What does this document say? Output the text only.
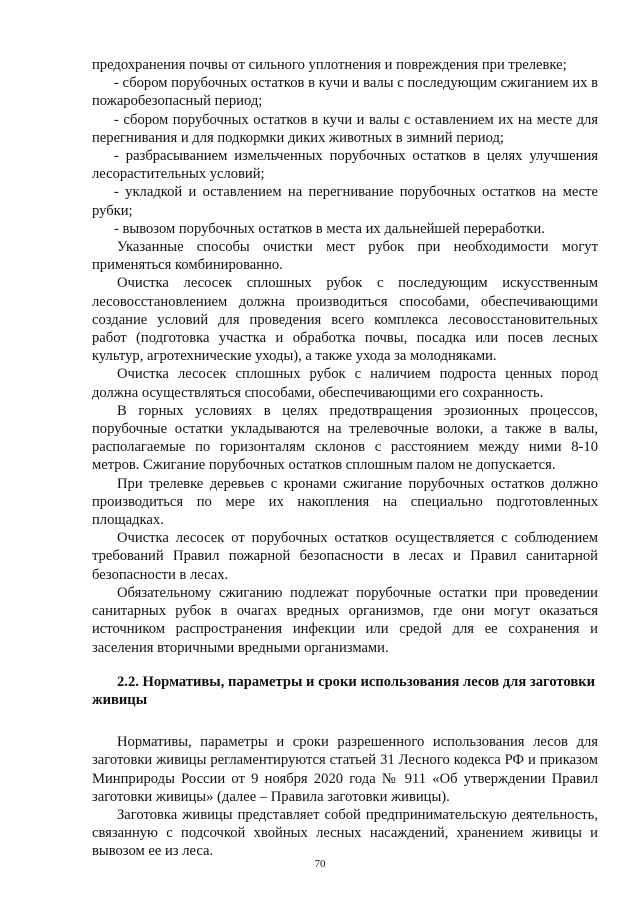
предохранения почвы от сильного уплотнения и повреждения при трелевке;

- сбором порубочных остатков в кучи и валы с последующим сжиганием их в пожаробезопасный период;

- сбором порубочных остатков в кучи и валы с оставлением их на месте для перегнивания и для подкормки диких животных в зимний период;

- разбрасыванием измельченных порубочных остатков в целях улучшения лесорастительных условий;

- укладкой и оставлением на перегнивание порубочных остатков на месте рубки;

- вывозом порубочных остатков в места их дальнейшей переработки.

Указанные способы очистки мест рубок при необходимости могут применяться комбинированно.

Очистка лесосек сплошных рубок с последующим искусственным лесовосстановлением должна производиться способами, обеспечивающими создание условий для проведения всего комплекса лесовосстановительных работ (подготовка участка и обработка почвы, посадка или посев лесных культур, агротехнические уходы), а также ухода за молодняками.

Очистка лесосек сплошных рубок с наличием подроста ценных пород должна осуществляться способами, обеспечивающими его сохранность.

В горных условиях в целях предотвращения эрозионных процессов, порубочные остатки укладываются на трелевочные волоки, а также в валы, располагаемые по горизонталям склонов с расстоянием между ними 8-10 метров. Сжигание порубочных остатков сплошным палом не допускается.

При трелевке деревьев с кронами сжигание порубочных остатков должно производиться по мере их накопления на специально подготовленных площадках.

Очистка лесосек от порубочных остатков осуществляется с соблюдением требований Правил пожарной безопасности в лесах и Правил санитарной безопасности в лесах.

Обязательному сжиганию подлежат порубочные остатки при проведении санитарных рубок в очагах вредных организмов, где они могут оказаться источником распространения инфекции или средой для ее сохранения и заселения вторичными вредными организмами.

2.2. Нормативы, параметры и сроки использования лесов для заготовки живицы

Нормативы, параметры и сроки разрешенного использования лесов для заготовки живицы регламентируются статьей 31 Лесного кодекса РФ и приказом Минприроды России от 9 ноября 2020 года № 911 «Об утверждении Правил заготовки живицы» (далее – Правила заготовки живицы).

Заготовка живицы представляет собой предпринимательскую деятельность, связанную с подсочкой хвойных лесных насаждений, хранением живицы и вывозом ее из леса.

70
